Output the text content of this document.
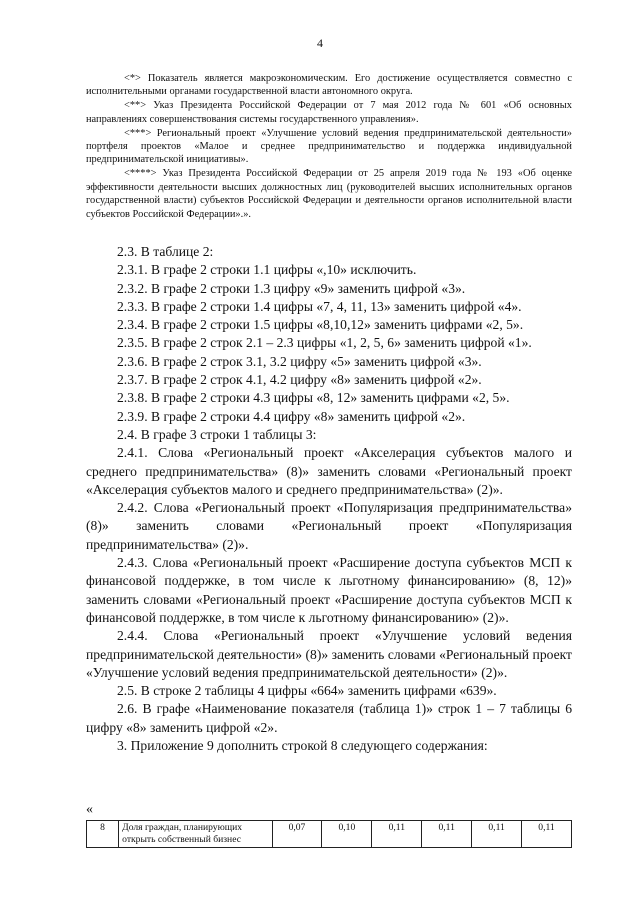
4

<*> Показатель является макроэкономическим. Его достижение осуществляется совместно с исполнительными органами государственной власти автономного округа.

<**> Указ Президента Российской Федерации от 7 мая 2012 года № 601 «Об основных направлениях совершенствования системы государственного управления».

<***> Региональный проект «Улучшение условий ведения предпринимательской деятельности» портфеля проектов «Малое и среднее предпринимательство и поддержка индивидуальной предпринимательской инициативы».

<****> Указ Президента Российской Федерации от 25 апреля 2019 года № 193 «Об оценке эффективности деятельности высших должностных лиц (руководителей высших исполнительных органов государственной власти) субъектов Российской Федерации и деятельности органов исполнительной власти субъектов Российской Федерации».».

2.3. В таблице 2:

2.3.1. В графе 2 строки 1.1 цифры «,10» исключить.

2.3.2. В графе 2 строки 1.3 цифру «9» заменить цифрой «3».

2.3.3. В графе 2 строки 1.4 цифры «7, 4, 11, 13» заменить цифрой «4».

2.3.4. В графе 2 строки 1.5 цифры «8,10,12» заменить цифрами «2, 5».

2.3.5. В графе 2 строк 2.1 – 2.3 цифры «1, 2, 5, 6» заменить цифрой «1».

2.3.6. В графе 2 строк 3.1, 3.2 цифру «5» заменить цифрой «3».

2.3.7. В графе 2 строк 4.1, 4.2 цифру «8» заменить цифрой «2».

2.3.8. В графе 2 строки 4.3 цифры «8, 12» заменить цифрами «2, 5».

2.3.9. В графе 2 строки 4.4 цифру «8» заменить цифрой «2».

2.4. В графе 3 строки 1 таблицы 3:

2.4.1. Слова «Региональный проект «Акселерация субъектов малого и среднего предпринимательства» (8)» заменить словами «Региональный проект «Акселерация субъектов малого и среднего предпринимательства» (2)».

2.4.2. Слова «Региональный проект «Популяризация предпринимательства» (8)» заменить словами «Региональный проект «Популяризация предпринимательства» (2)».

2.4.3. Слова «Региональный проект «Расширение доступа субъектов МСП к финансовой поддержке, в том числе к льготному финансированию» (8, 12)» заменить словами «Региональный проект «Расширение доступа субъектов МСП к финансовой поддержке, в том числе к льготному финансированию» (2)».

2.4.4. Слова «Региональный проект «Улучшение условий ведения предпринимательской деятельности» (8)» заменить словами «Региональный проект «Улучшение условий ведения предпринимательской деятельности» (2)».

2.5. В строке 2 таблицы 4 цифры «664» заменить цифрами «639».

2.6. В графе «Наименование показателя (таблица 1)» строк 1 – 7 таблицы 6 цифру «8» заменить цифрой «2».

3. Приложение 9 дополнить строкой 8 следующего содержания:

«
8	Доля граждан, планирующих открыть собственный бизнес	0,07	0,10	0,11	0,11	0,11	0,11
